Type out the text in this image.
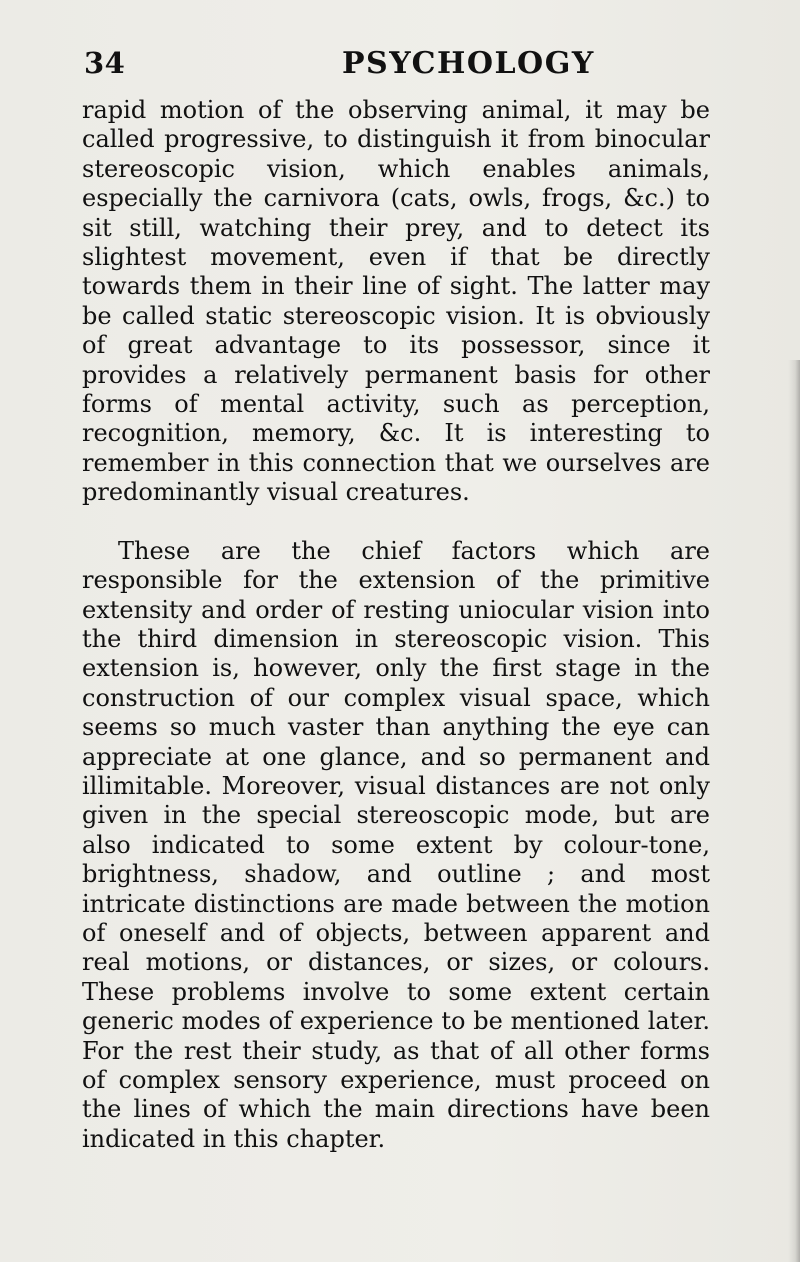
34	PSYCHOLOGY

rapid motion of the observing animal, it may be called progressive, to distinguish it from binocular stereoscopic vision, which enables animals, especially the carnivora (cats, owls, frogs, &c.) to sit still, watching their prey, and to detect its slightest movement, even if that be directly towards them in their line of sight. The latter may be called static stereoscopic vision. It is obviously of great advantage to its possessor, since it provides a relatively permanent basis for other forms of mental activity, such as perception, recognition, memory, &c. It is interesting to remember in this connection that we ourselves are predominantly visual creatures.

These are the chief factors which are responsible for the extension of the primitive extensity and order of resting uniocular vision into the third dimension in stereoscopic vision. This extension is, however, only the first stage in the construction of our complex visual space, which seems so much vaster than anything the eye can appreciate at one glance, and so permanent and illimitable. Moreover, visual distances are not only given in the special stereoscopic mode, but are also indicated to some extent by colour-tone, brightness, shadow, and outline ; and most intricate distinctions are made between the motion of oneself and of objects, between apparent and real motions, or distances, or sizes, or colours. These problems involve to some extent certain generic modes of experience to be mentioned later. For the rest their study, as that of all other forms of complex sensory experience, must proceed on the lines of which the main directions have been indicated in this chapter.
